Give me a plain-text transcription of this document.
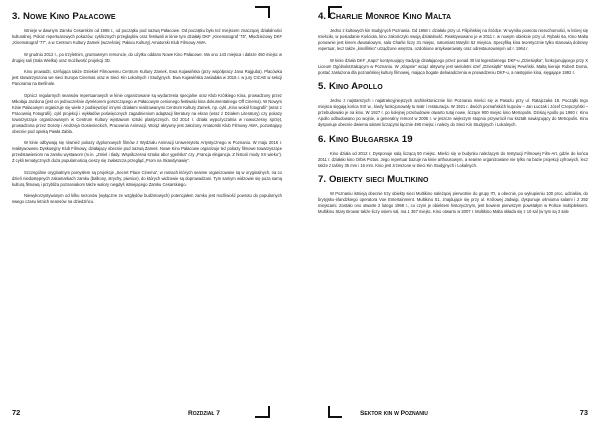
3. Nowe Kino Pałacowe

Istnieje w dawnym Zamku Cesarskim od 1965 r., od początku pod nazwą Pałacowe. Od początku było też miejscem znaczącej działalności kulturalnej. Pokaz repertuarowych pokazów, cyklicznych przeglądów oraz festiwali w kinie tym działały DKF „Kinematograf '75”, Młodzieżowy DKF „Kinematograf '77”, a w Centrum Kultury Zamek (wcześniej: Pałacu Kultury) Amatorski Klub Filmowy AWA.

W grudniu 2012 r., po trzyletnim, gruntownym remoncie, do użytku oddano Nowe Kino Pałacowe. Ma ono 143 miejsca i dalsze 450 miejsc w drugiej sali (Sala Wielka) oraz możliwość projekcji 3D.

Kino prowadzi, szefująca także Dziekiel Filmowemu Centrum Kultury Zamek, Ewa Kujawińska (przy współpracy Jana Rajguba). Placówka jest stowarzyszona we sieci Europa Cinemas oraz w Sieci Kin Lokalnych i Studyjnych. Ewa Kujawińska zasiadała w 2016 r. w jury CICAE w sekcji Panorama na Berlinale.

Oprócz regularnych seansów repertuarowych w kinie organizowane są wydarzenia specjalne oraz Klub Krótkiego Kina, prowadzony przez Mikołaja Jazdona (jest on jednocześnie dyrektorem gorszczącego w Pałacowym cenionego festiwalu kina dokumentalnego Off Cinema). W Nowym Kinie Pałacowym organizuje się wiele z podsięwzięć innymi działami realizowanymi Centrum Kultury Zamek, np. cykl „Kino wokół fotografii” (wraz z Pracownią Fotografii), cykl projekcji i wykładów poświęconych zagadnieniom adaptacji literatury na ekran (wraz z Działem Literatury) czy pokazy towarzyszące organizowanym w Centrum Kultury wystawom sztuki plastycznych. Od 2014 r. działa wypożyczalnia w nowoczesny sprzęt, prowadzona przez Dorotę i Andrzeja Gosienieckich, Pracownia Animacji. Wciąż aktywny jest założony Amatorski Klub Filmowy AWA, pozostający obecnie pod opieką Pawła Zabla.

W kinie odbywają się również pokazy dyplomowych filmów z Wydziału Animacji Uniwersytetu Artystycznego w Poznaniu. W maju 2016 r. reaktywowano Dyskusyjny Klub Filmowy, działający obecnie pod nazwą Zamek. Nowe Kino Pałacowe organizuje też pokazy filmowe towarzyszące przedstawieniom na zamku wystawom (m.in. „Zmiel i tlady. Współczesna sztuka abor ygeńska” czy „Francja elegancja. Z historii mody XX wieku”). Z cykli tematycznych duża popularnością cieszy się zwłaszcza przegląd „Prom na Skandynawię”.

Szczególnie oryginalnym pomysłem są projekcje „Secret Place Cinema”, w ramach których seanse organizowane są w oryginalnych, na co dzień niedostępnych zakamarkach zamku (balkony, strychy, piwnice), do których widzowie są doprowadzani. Tym samym widzowie się poza samą kulturą filmową i przybliża poznaniakom także walory niegdyś istniejącego Zamku Cesarskiego.

Niewykorzystywanym od kilku sezonów (wyłączne ze względów budżetowych) potencjałem zamku jest możliwość powrotu do popularnych swego czasu letnich seansów na dziedzińcu.

72	Rozdział 7	73
Sektor kin w Poznaniu
4. Charlie Monroe Kino Malta

Jedno z kultowych kin studyjnych Poznania. Od 1958 r. działało przy ul. Filipińskiej na Śródce. W wyniku powrotu nieruchomości, w której się mieściło, w posiadanie Kościoła, kino zakończyło swoją działalność. Reaktywowano je w 2011 r. w nowym obiekcie przy ul. Rybaki 6a. Kino Malta ponownie jest kinem dwusalowym, sala Charlie liczy 31 miejsc, natomiast Marylin 52 miejsca. Specyfiką kina teoretycznie tylko stanowią dobrany repertuar, lecz także „kinofilsko” urządzone wnętrza, ozdobione antykwarowaty oraz odrestaurowanym od r. 1964 r.

W kinie działa DKF „Kapo” kontynuujący tradycję działającego przez ponad 30 lat legendarnego DKF-u „Dziesiątka”, funkcjonującego przy X Liceum Ogólnokształcącym w Poznaniu. W „Klapsie” wciąż aktywny jest wieloletni szef „Dziesiątki” Maciej Pewiński. Maltą kieruje Robert Doma, postać zasłużona dla poznańskiej kultury filmowej, mająca bogate doświadczenia w prowadzeniu DKF-u, a następnie kina, sięgające 1992 r.

5. Kino Apollo

Jedno z najstarszych i najatrakcyjniejszych architektonicznie kin Poznania mieści się w Pasażu przy ul. Ratajczaka 18. Początki tego miejsca sięgają końca XIX w., kiedy funkcjonowały tu teatr i restauracja. W 1921 r. dwóch poznańskich kupców – Jan Łuczak i Józef Czepczyński – przebudowało je na kino. W 1927 r. po kolejnej przebudowie otwarto tutaj nowe, liczące 900 miejsc kino Metropolis. Dzisiaj Apollo po 1960 r. Kino Apollo odbudowano po wojnie, a generalny remont w 2005 r. w jeszcze większym stopniu przywrócił mu kształt nawiązujący do Metropolis. Kino dysponuje obecnie dwiema salami liczącymi łącznie 490 miejsc i należy do Sieci Kin Studyjnych i Lokalnych.

6. Kino Bułgarska 19

Kino działa od 2012 r. Dysponuje salą liczącą 50 miejsc. Mieści się w budynku należącym do Instytucji Filmowej Film-Art, gdzie do końca 2011 r. działało kino Orbis Pictus. Jego repertuar bazuje na kinie arthousowym, a seanse organizowane nie tylko na bazie projekcji cyfrowych, lecz także z taśmy 35 mm i 16 mm. Kino jest zrzeszone w Sieci Kin Studyjnych i Lokalnych.

7. Obiekty sieci Multikino

W Poznaniu istnieją obecnie trzy obiekty sieci Multikino należącej pierwotnie do grupy ITI, a obecnie, po wykupieniu 100 proc. udziałów, do brytyjsko-irlandzkiego operatora Vue Entertainment. Multikino 51, znajdujące się przy ul. Królowej Jadwigi, dysponuje ośmioma salami i 2 292 miejscami. Zostało ono otwarte 2 lutego 1998 r., co czyni je obiektem historycznym, jest bowiem pierwszym powstałym w Polsce multipleksem. Multikino Stary Browar także liczy osiem sal, ma 1 367 miejsc. Kino otwarto w 2007 r. Multikino Malta składa się z 10 sal (w tym są 3 sale
